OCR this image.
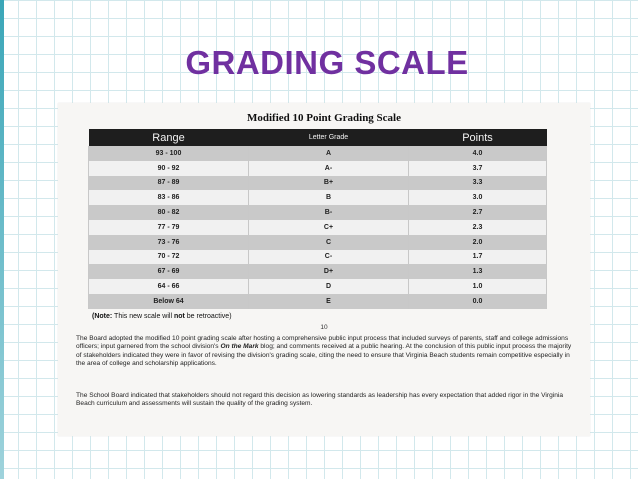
GRADING SCALE
Modified 10 Point Grading Scale
Range	Letter Grade	Points
93 - 100	A	4.0
90 - 92	A-	3.7
87 - 89	B+	3.3
83 - 86	B	3.0
80 - 82	B-	2.7
77 - 79	C+	2.3
73 - 76	C	2.0
70 - 72	C-	1.7
67 - 69	D+	1.3
64 - 66	D	1.0
Below 64	E	0.0
(Note: This new scale will not be retroactive)
10

The Board adopted the modified 10 point grading scale after hosting a comprehensive public input process that included surveys of parents, staff and college admissions officers; input garnered from the school division's On the Mark blog; and comments received at a public hearing. At the conclusion of this public input process the majority of stakeholders indicated they were in favor of revising the division's grading scale, citing the need to ensure that Virginia Beach students remain competitive especially in the area of college and scholarship applications.

The School Board indicated that stakeholders should not regard this decision as lowering standards as leadership has every expectation that added rigor in the Virginia Beach curriculum and assessments will sustain the quality of the grading system.
